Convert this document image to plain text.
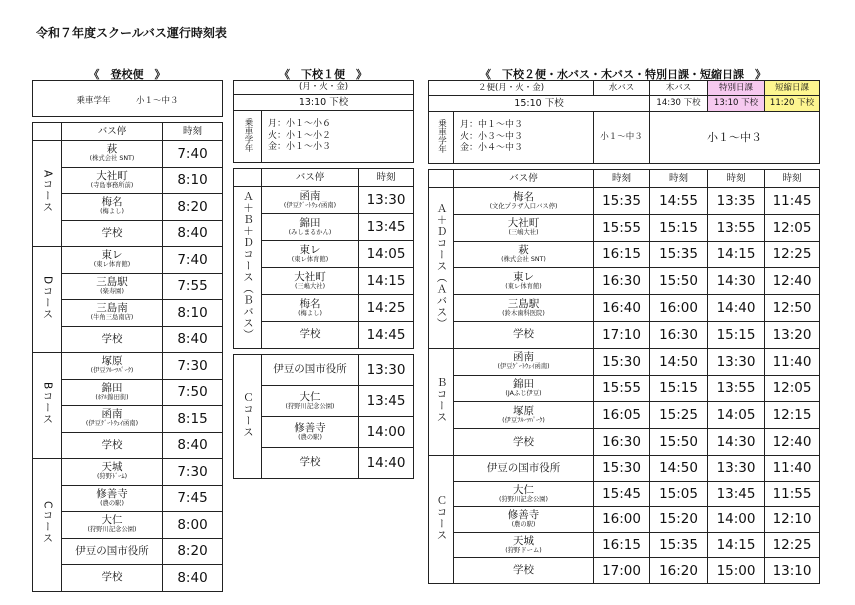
令和７年度スクールバス運行時刻表
《　登校便　》	《　下校１便　》	《　下校２便・水バス・木バス・特別日課・短縮日課　》
乗車学年 小１～中３		

	バス停	時刻
Aコース	萩
(株式会社 SNT)	7:40

	大社町
(寺島事務所前)	8:10

	梅名
(梅よし)	8:20

	学校	8:40
Dコース	東レ
(東レ体育館)	7:40

	三島駅
(楽寿園)	7:55

	三島南
(牛角三島南店)	8:10

	学校	8:40
Bコース	塚原
(伊豆ﾌﾙｰﾂﾊﾟｰｸ)	7:30

	錦田
(ﾎﾃﾙ錦田街)	7:50

	函南
(伊豆ｹﾞｰﾄｳｪｲ函南)	8:15

	学校	8:40
Cコース	天城
(狩野ﾄﾞｰﾑ)	7:30

	修善寺
(農の駅)	7:45

	大仁
(狩野川記念公園)	8:00

	伊豆の国市役所	8:20

	学校	8:40
(月・火・金)		
13:10 下校		
乗車学年	月：小１～小６
火：小１～小２
金：小１～小３	

	バス停	時刻
Ａ＋Ｂ＋Ｄコース（Ｂバス）	函南
(伊豆ｹﾞｰﾄｳｪｲ函南)	13:30

	錦田
(みしまるかん)	13:45

	東レ
(東レ体育館)	14:05

	大社町
(三嶋大社)	14:15

	梅名
(梅よし)	14:25

	学校	14:45

Ｃコース	伊豆の国市役所	13:30

	大仁
(狩野川記念公園)	13:45

	修善寺
(農の駅)	14:00

	学校	14:40
２便(月・火・金)		水バス	木バス	特別日課	短縮日課
15:10 下校			14:30 下校	13:10 下校	11:20 下校
乗車学年	月：中１～中３
火：小３～中３
金：小４～中３	小１～中３	小１～中３		

	バス停	時刻	時刻	時刻	時刻
Ａ＋Ｄコース（Ａバス）	梅名
(文化プラザ入口バス停)	15:35	14:55	13:35	11:45

	大社町
(三嶋大社)	15:55	15:15	13:55	12:05

	萩
(株式会社 SNT)	16:15	15:35	14:15	12:25

	東レ
(東レ体育館)	16:30	15:50	14:30	12:40

	三島駅
(鈴木歯科医院)	16:40	16:00	14:40	12:50

	学校	17:10	16:30	15:15	13:20
Ｂコース	函南
(伊豆ｹﾞｰﾄｳｪｲ函南)	15:30	14:50	13:30	11:40

	錦田
(JAふじ伊豆)	15:55	15:15	13:55	12:05

	塚原
(伊豆ﾌﾙｰﾂﾊﾟｰｸ)	16:05	15:25	14:05	12:15

	学校	16:30	15:50	14:30	12:40
Ｃコース	伊豆の国市役所	15:30	14:50	13:30	11:40

	大仁
(狩野川記念公園)	15:45	15:05	13:45	11:55

	修善寺
(農の駅)	16:00	15:20	14:00	12:10

	天城
(狩野ドーム)	16:15	15:35	14:15	12:25

	学校	17:00	16:20	15:00	13:10
